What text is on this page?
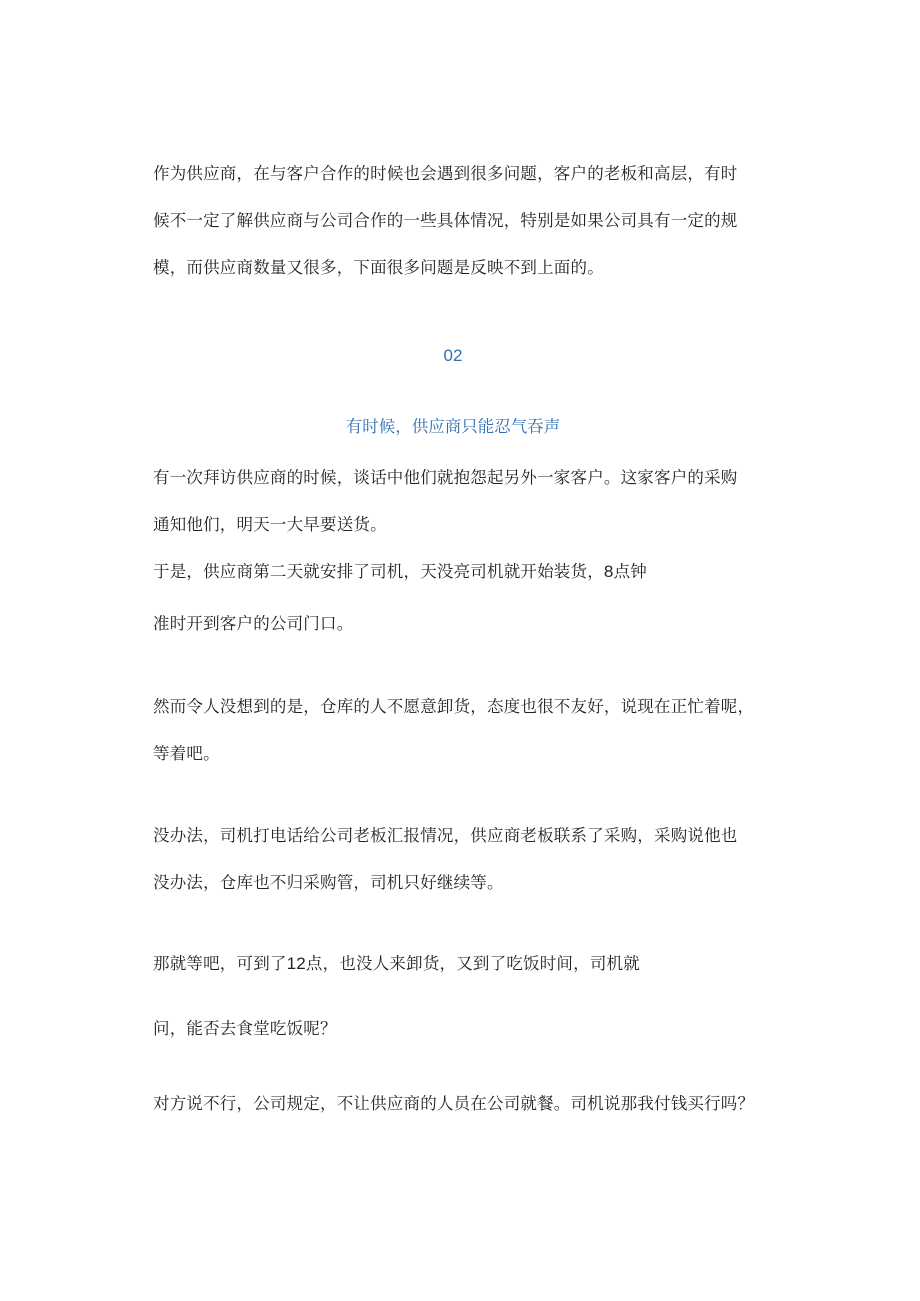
作为供应商，在与客户合作的时候也会遇到很多问题，客户的老板和高层，有时
候不一定了解供应商与公司合作的一些具体情况，特别是如果公司具有一定的规
模，而供应商数量又很多，下面很多问题是反映不到上面的。
02
有时候，供应商只能忍气吞声
有一次拜访供应商的时候，谈话中他们就抱怨起另外一家客户。这家客户的采购
通知他们，明天一大早要送货。
于是，供应商第二天就安排了司机，天没亮司机就开始装货，8点钟
准时开到客户的公司门口。
然而令人没想到的是，仓库的人不愿意卸货，态度也很不友好，说现在正忙着呢，
等着吧。
没办法，司机打电话给公司老板汇报情况，供应商老板联系了采购，采购说他也
没办法，仓库也不归采购管，司机只好继续等。
那就等吧，可到了12点，也没人来卸货，又到了吃饭时间，司机就
问，能否去食堂吃饭呢？
对方说不行，公司规定，不让供应商的人员在公司就餐。司机说那我付钱买行吗？
